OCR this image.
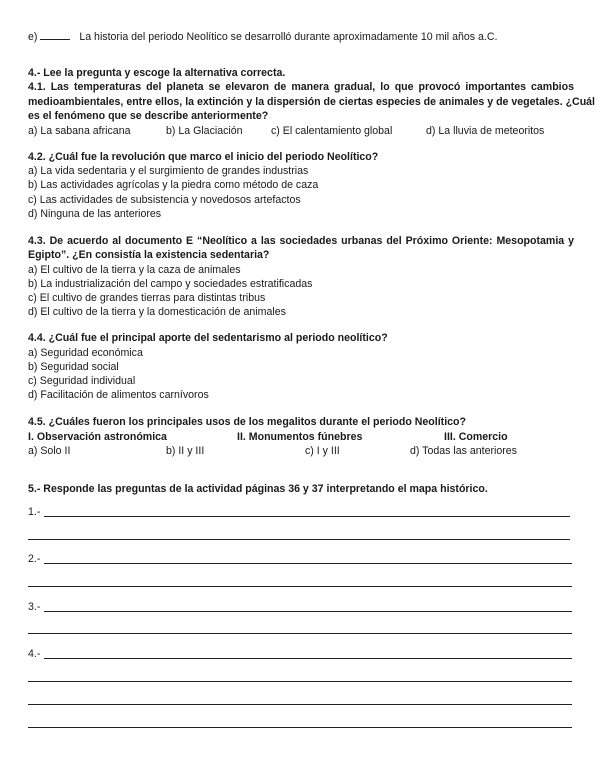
e)	La historia del periodo Neolítico se desarrolló durante aproximadamente 10 mil años a.C.
4.- Lee la pregunta y escoge la alternativa correcta.
4.1. Las temperaturas del planeta se elevaron de manera gradual, lo que provocó importantes cambios
medioambientales, entre ellos, la extinción y la dispersión de ciertas especies de animales y de vegetales. ¿Cuál
es el fenómeno que se describe anteriormente?
a) La sabana africana	b) La Glaciación	c) El calentamiento global	d) La lluvia de meteoritos
4.2. ¿Cuál fue la revolución que marco el inicio del periodo Neolítico?
a) La vida sedentaria y el surgimiento de grandes industrias
b) Las actividades agrícolas y la piedra como método de caza
c) Las actividades de subsistencia y novedosos artefactos
d) Ninguna de las anteriores
4.3. De acuerdo al documento E “Neolítico a las sociedades urbanas del Próximo Oriente: Mesopotamia y
Egipto”. ¿En consistía la existencia sedentaria?
a) El cultivo de la tierra y la caza de animales
b) La industrialización del campo y sociedades estratificadas
c) El cultivo de grandes tierras para distintas tribus
d) El cultivo de la tierra y la domesticación de animales
4.4. ¿Cuál fue el principal aporte del sedentarismo al periodo neolítico?
a) Seguridad económica
b) Seguridad social
c) Seguridad individual
d) Facilitación de alimentos carnívoros
4.5. ¿Cuáles fueron los principales usos de los megalitos durante el periodo Neolítico?
I. Observación astronómica	II. Monumentos fúnebres	III. Comercio
a) Solo II	b) II y III	c) I y III	d) Todas las anteriores
5.- Responde las preguntas de la actividad páginas 36 y 37 interpretando el mapa histórico.
1.-
2.-
3.-
4.-
